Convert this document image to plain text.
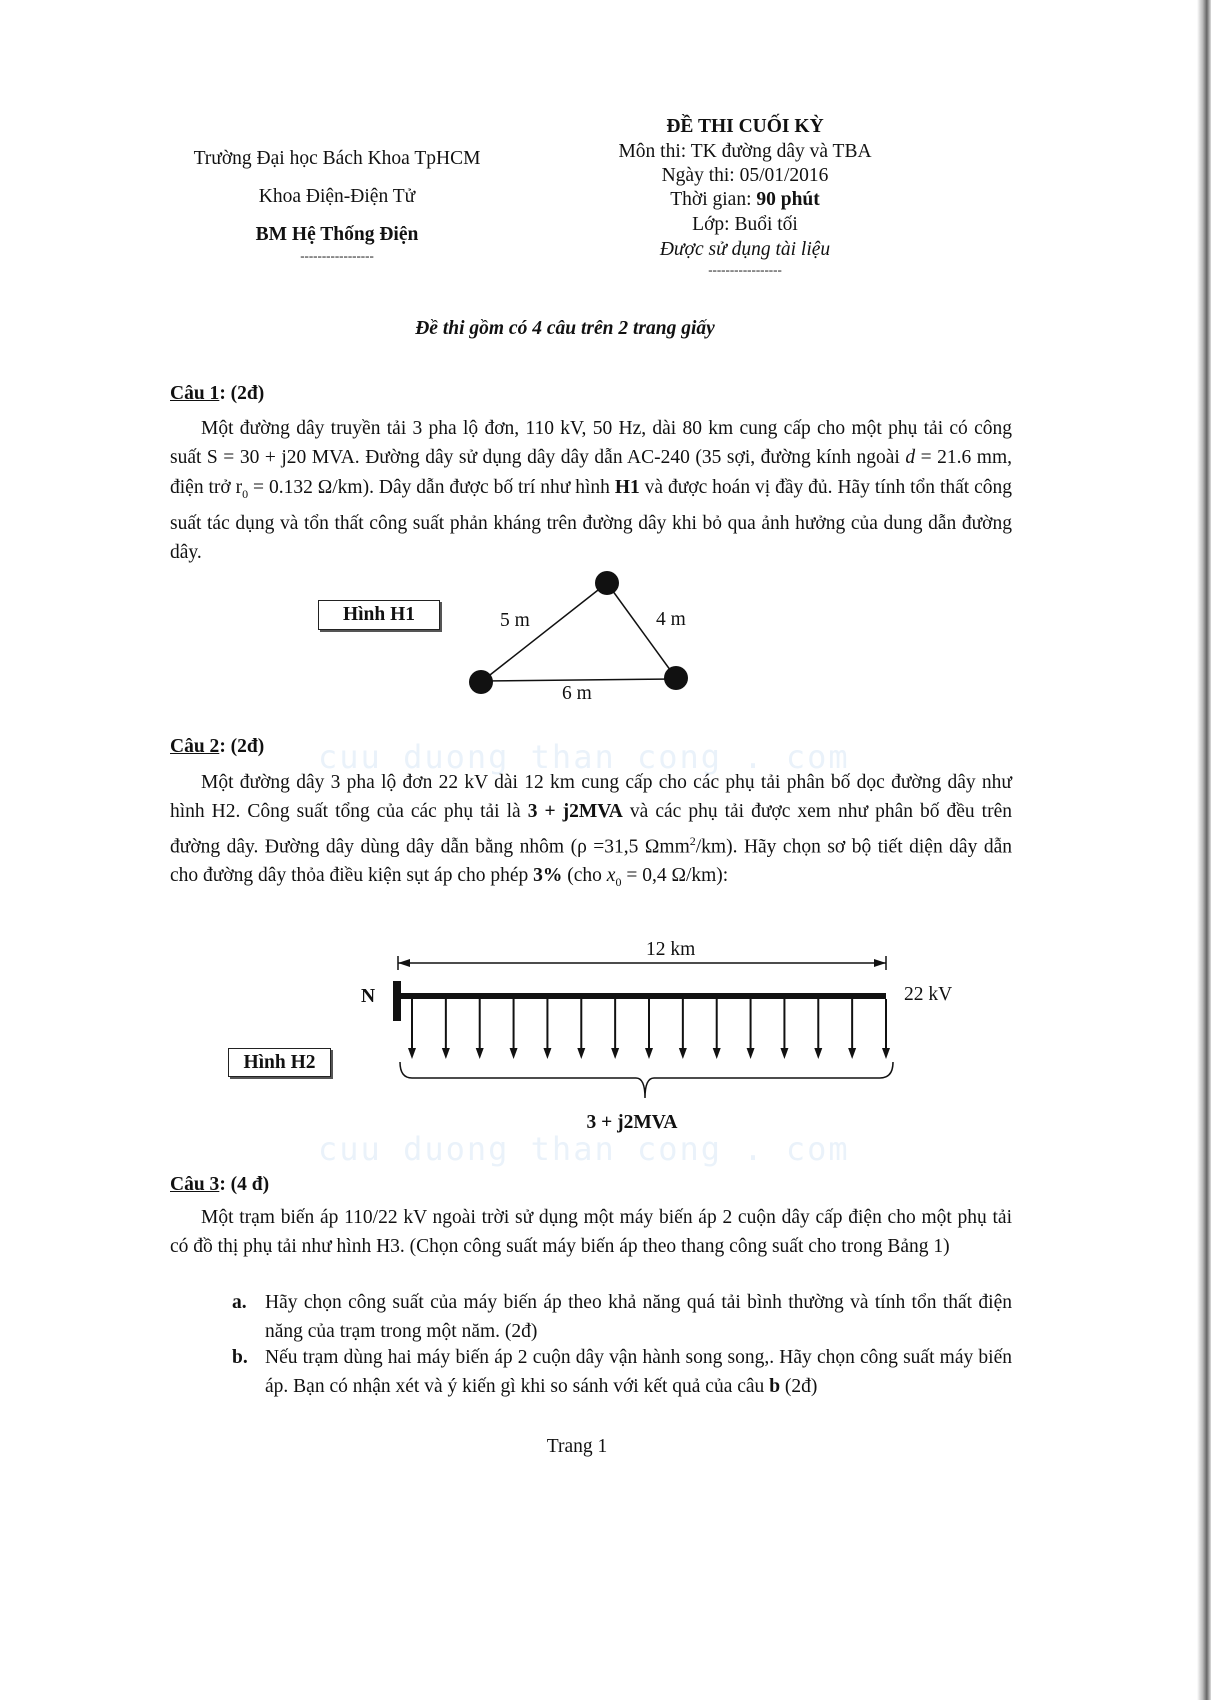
cuu duong than cong . com
cuu duong than cong . com
Trường Đại học Bách Khoa TpHCM
Khoa Điện-Điện Tử
BM Hệ Thống Điện
-----------------
ĐỀ THI CUỐI KỲ
Môn thi: TK đường dây và TBA
Ngày thi: 05/01/2016
Thời gian: 90 phút
Lớp: Buổi tối
Được sử dụng tài liệu
-----------------
Đề thi gồm có 4 câu trên 2 trang giấy
Câu 1: (2đ)
Một đường dây truyền tải 3 pha lộ đơn, 110 kV, 50 Hz, dài 80 km cung cấp cho một phụ tải có công suất S = 30 + j20 MVA. Đường dây sử dụng dây dây dẫn AC-240 (35 sợi, đường kính ngoài d = 21.6 mm, điện trở $r_0 = 0.132$ Ω/km). Dây dẫn được bố trí như hình H1 và được hoán vị đầy đủ. Hãy tính tổn thất công suất tác dụng và tổn thất công suất phản kháng trên đường dây khi bỏ qua ảnh hưởng của dung dẫn đường dây.
Hình H1	5 m	4 m
6 m
Câu 2: (2đ)
Một đường dây 3 pha lộ đơn 22 kV dài 12 km cung cấp cho các phụ tải phân bố dọc đường dây như hình H2. Công suất tổng của các phụ tải là 3 + j2MVA và các phụ tải được xem như phân bố đều trên đường dây. Đường dây dùng dây dẫn bằng nhôm (ρ =31,5 Ωmm$^2$/km). Hãy chọn sơ bộ tiết diện dây dẫn cho đường dây thỏa điều kiện sụt áp cho phép 3% (cho $x_0 = 0,4$ Ω/km):
12 km
N	22 kV
Hình H2
3 + j2MVA
Câu 3: (4 đ)
Một trạm biến áp 110/22 kV ngoài trời sử dụng một máy biến áp 2 cuộn dây cấp điện cho một phụ tải có đồ thị phụ tải như hình H3. (Chọn công suất máy biến áp theo thang công suất cho trong Bảng 1)
a. Hãy chọn công suất của máy biến áp theo khả năng quá tải bình thường và tính tổn thất điện năng của trạm trong một năm. (2đ)
b. Nếu trạm dùng hai máy biến áp 2 cuộn dây vận hành song song,. Hãy chọn công suất máy biến áp. Bạn có nhận xét và ý kiến gì khi so sánh với kết quả của câu b (2đ)
Trang 1
